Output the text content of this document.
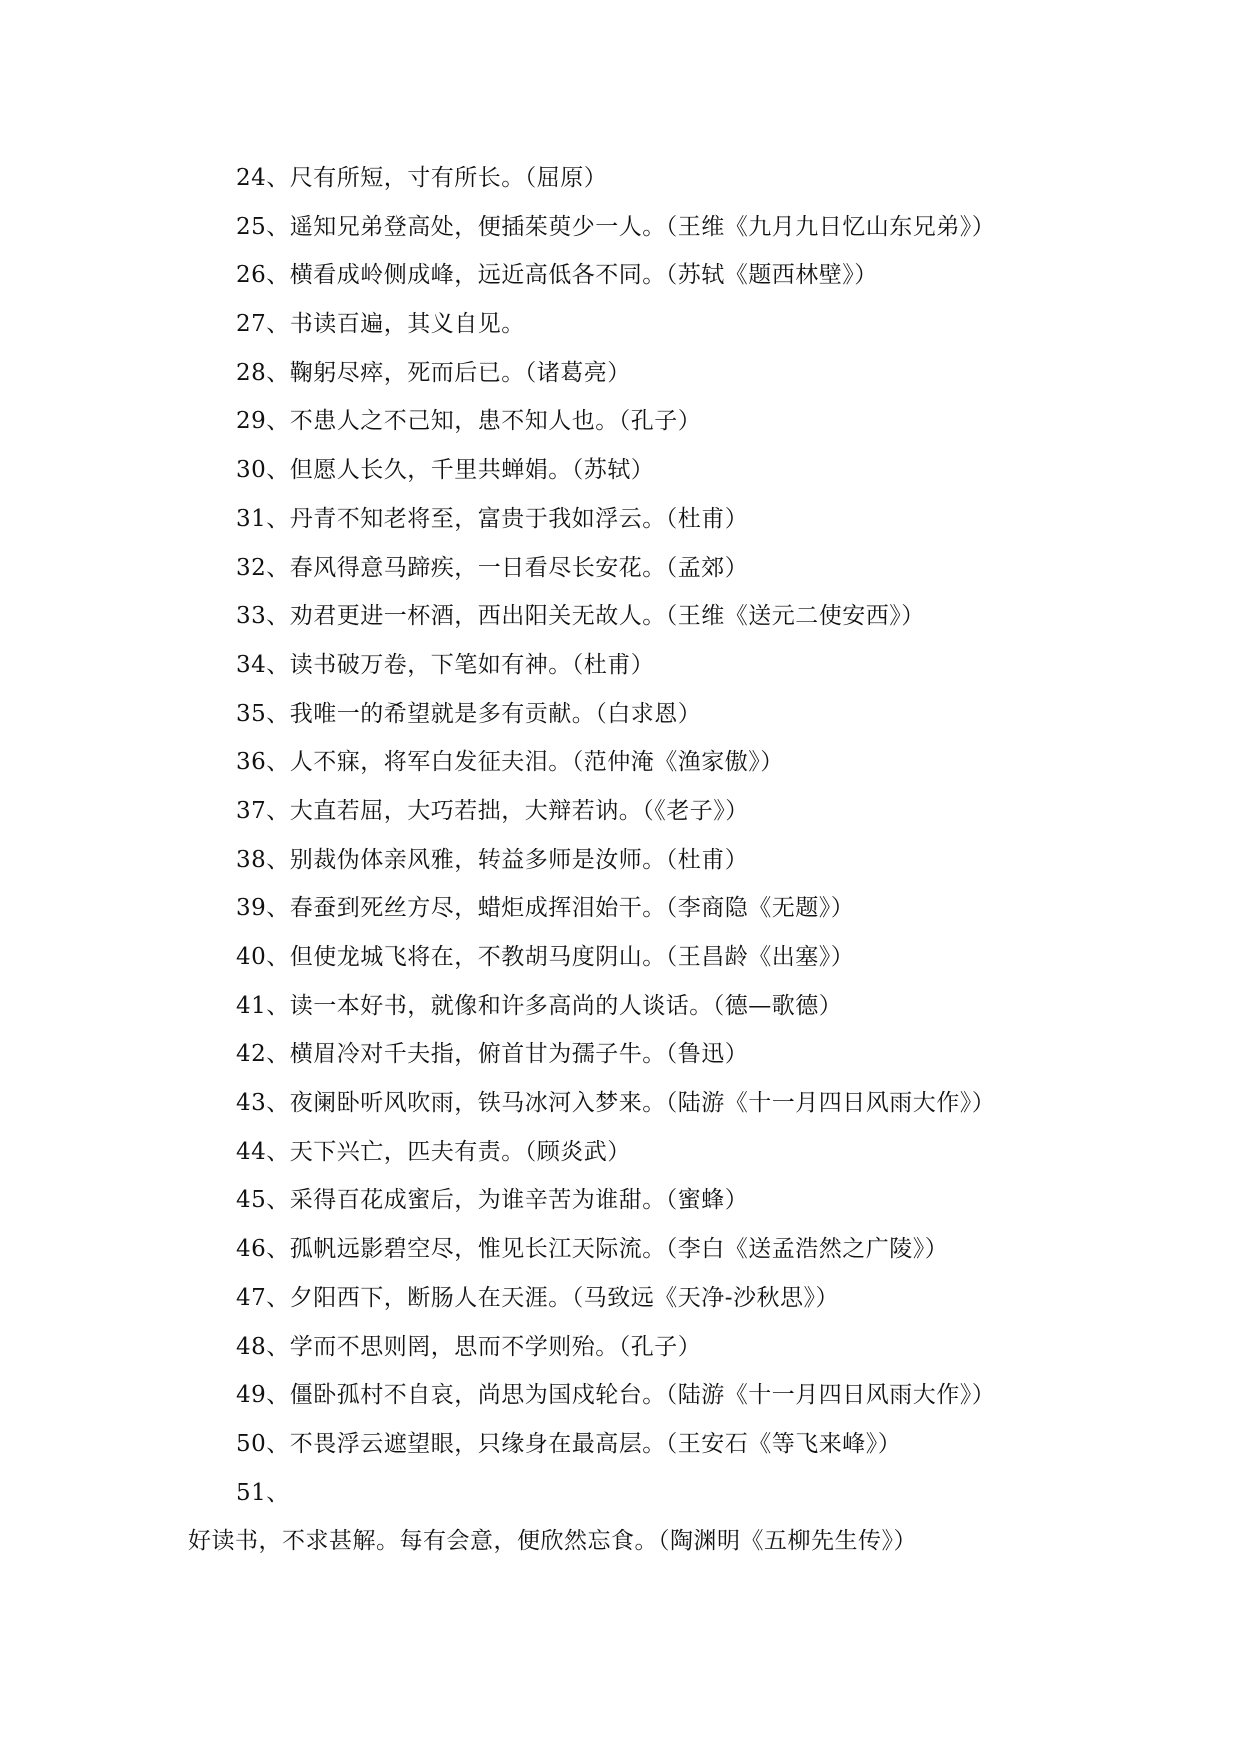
24、尺有所短，寸有所长。（屈原）
25、遥知兄弟登高处，便插茱萸少一人。（王维《九月九日忆山东兄弟》）
26、横看成岭侧成峰，远近高低各不同。（苏轼《题西林壁》）
27、书读百遍，其义自见。
28、鞠躬尽瘁，死而后已。（诸葛亮）
29、不患人之不己知，患不知人也。（孔子）
30、但愿人长久，千里共蝉娟。（苏轼）
31、丹青不知老将至，富贵于我如浮云。（杜甫）
32、春风得意马蹄疾，一日看尽长安花。（孟郊）
33、劝君更进一杯酒，西出阳关无故人。（王维《送元二使安西》）
34、读书破万卷，下笔如有神。（杜甫）
35、我唯一的希望就是多有贡献。（白求恩）
36、人不寐，将军白发征夫泪。（范仲淹《渔家傲》）
37、大直若屈，大巧若拙，大辩若讷。（《老子》）
38、别裁伪体亲风雅，转益多师是汝师。（杜甫）
39、春蚕到死丝方尽，蜡炬成挥泪始干。（李商隐《无题》）
40、但使龙城飞将在，不教胡马度阴山。（王昌龄《出塞》）
41、读一本好书，就像和许多高尚的人谈话。（德—歌德）
42、横眉冷对千夫指，俯首甘为孺子牛。（鲁迅）
43、夜阑卧听风吹雨，铁马冰河入梦来。（陆游《十一月四日风雨大作》）
44、天下兴亡，匹夫有责。（顾炎武）
45、采得百花成蜜后，为谁辛苦为谁甜。（蜜蜂）
46、孤帆远影碧空尽，惟见长江天际流。（李白《送孟浩然之广陵》）
47、夕阳西下，断肠人在天涯。（马致远《天净-沙秋思》）
48、学而不思则罔，思而不学则殆。（孔子）
49、僵卧孤村不自哀，尚思为国戍轮台。（陆游《十一月四日风雨大作》）
50、不畏浮云遮望眼，只缘身在最高层。（王安石《等飞来峰》）
51、好读书，不求甚解。每有会意，便欣然忘食。（陶渊明《五柳先生传》）
